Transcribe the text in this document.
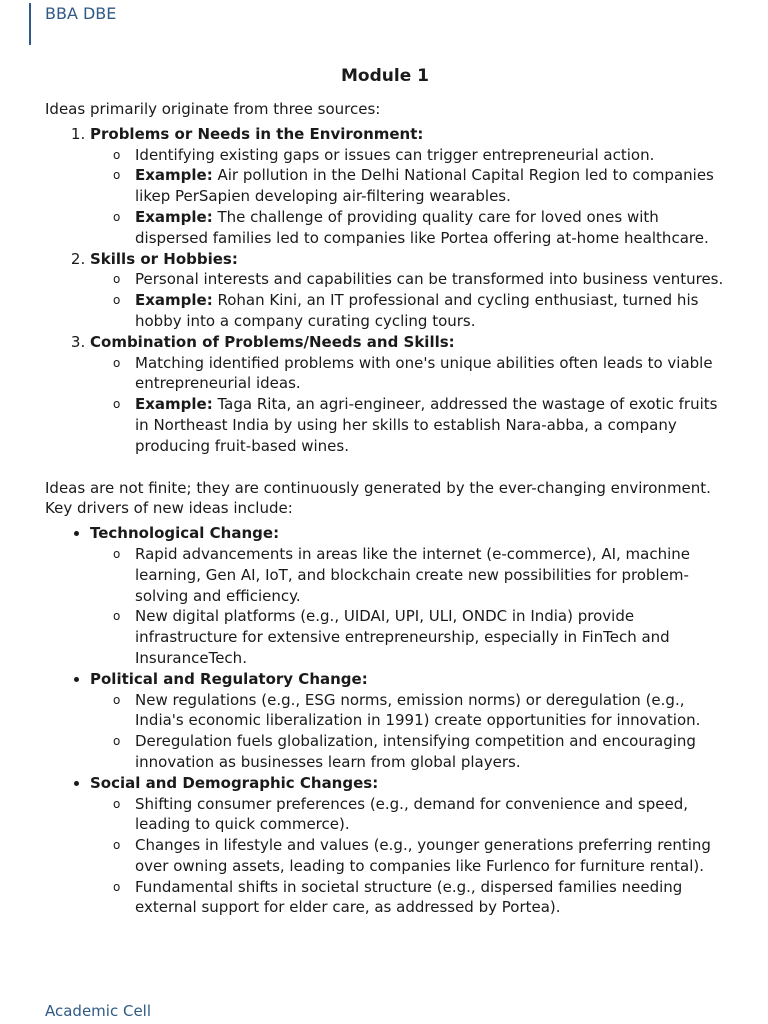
BBA DBE
Module 1

Ideas primarily originate from three sources:

1. Problems or Needs in the Environment:
o Identifying existing gaps or issues can trigger entrepreneurial action.
o Example: Air pollution in the Delhi National Capital Region led to companies likep PerSapien developing air-filtering wearables.
o Example: The challenge of providing quality care for loved ones with dispersed families led to companies like Portea offering at-home healthcare.
2. Skills or Hobbies:
o Personal interests and capabilities can be transformed into business ventures.
o Example: Rohan Kini, an IT professional and cycling enthusiast, turned his hobby into a company curating cycling tours.
3. Combination of Problems/Needs and Skills:
o Matching identified problems with one's unique abilities often leads to viable entrepreneurial ideas.
o Example: Taga Rita, an agri-engineer, addressed the wastage of exotic fruits in Northeast India by using her skills to establish Nara-abba, a company producing fruit-based wines.

Ideas are not finite; they are continuously generated by the ever-changing environment. Key drivers of new ideas include:

• Technological Change:
o Rapid advancements in areas like the internet (e-commerce), AI, machine learning, Gen AI, IoT, and blockchain create new possibilities for problem-solving and efficiency.
o New digital platforms (e.g., UIDAI, UPI, ULI, ONDC in India) provide infrastructure for extensive entrepreneurship, especially in FinTech and InsuranceTech.
• Political and Regulatory Change:
o New regulations (e.g., ESG norms, emission norms) or deregulation (e.g., India's economic liberalization in 1991) create opportunities for innovation.
o Deregulation fuels globalization, intensifying competition and encouraging innovation as businesses learn from global players.
• Social and Demographic Changes:
o Shifting consumer preferences (e.g., demand for convenience and speed, leading to quick commerce).
o Changes in lifestyle and values (e.g., younger generations preferring renting over owning assets, leading to companies like Furlenco for furniture rental).
o Fundamental shifts in societal structure (e.g., dispersed families needing external support for elder care, as addressed by Portea).
Academic Cell
